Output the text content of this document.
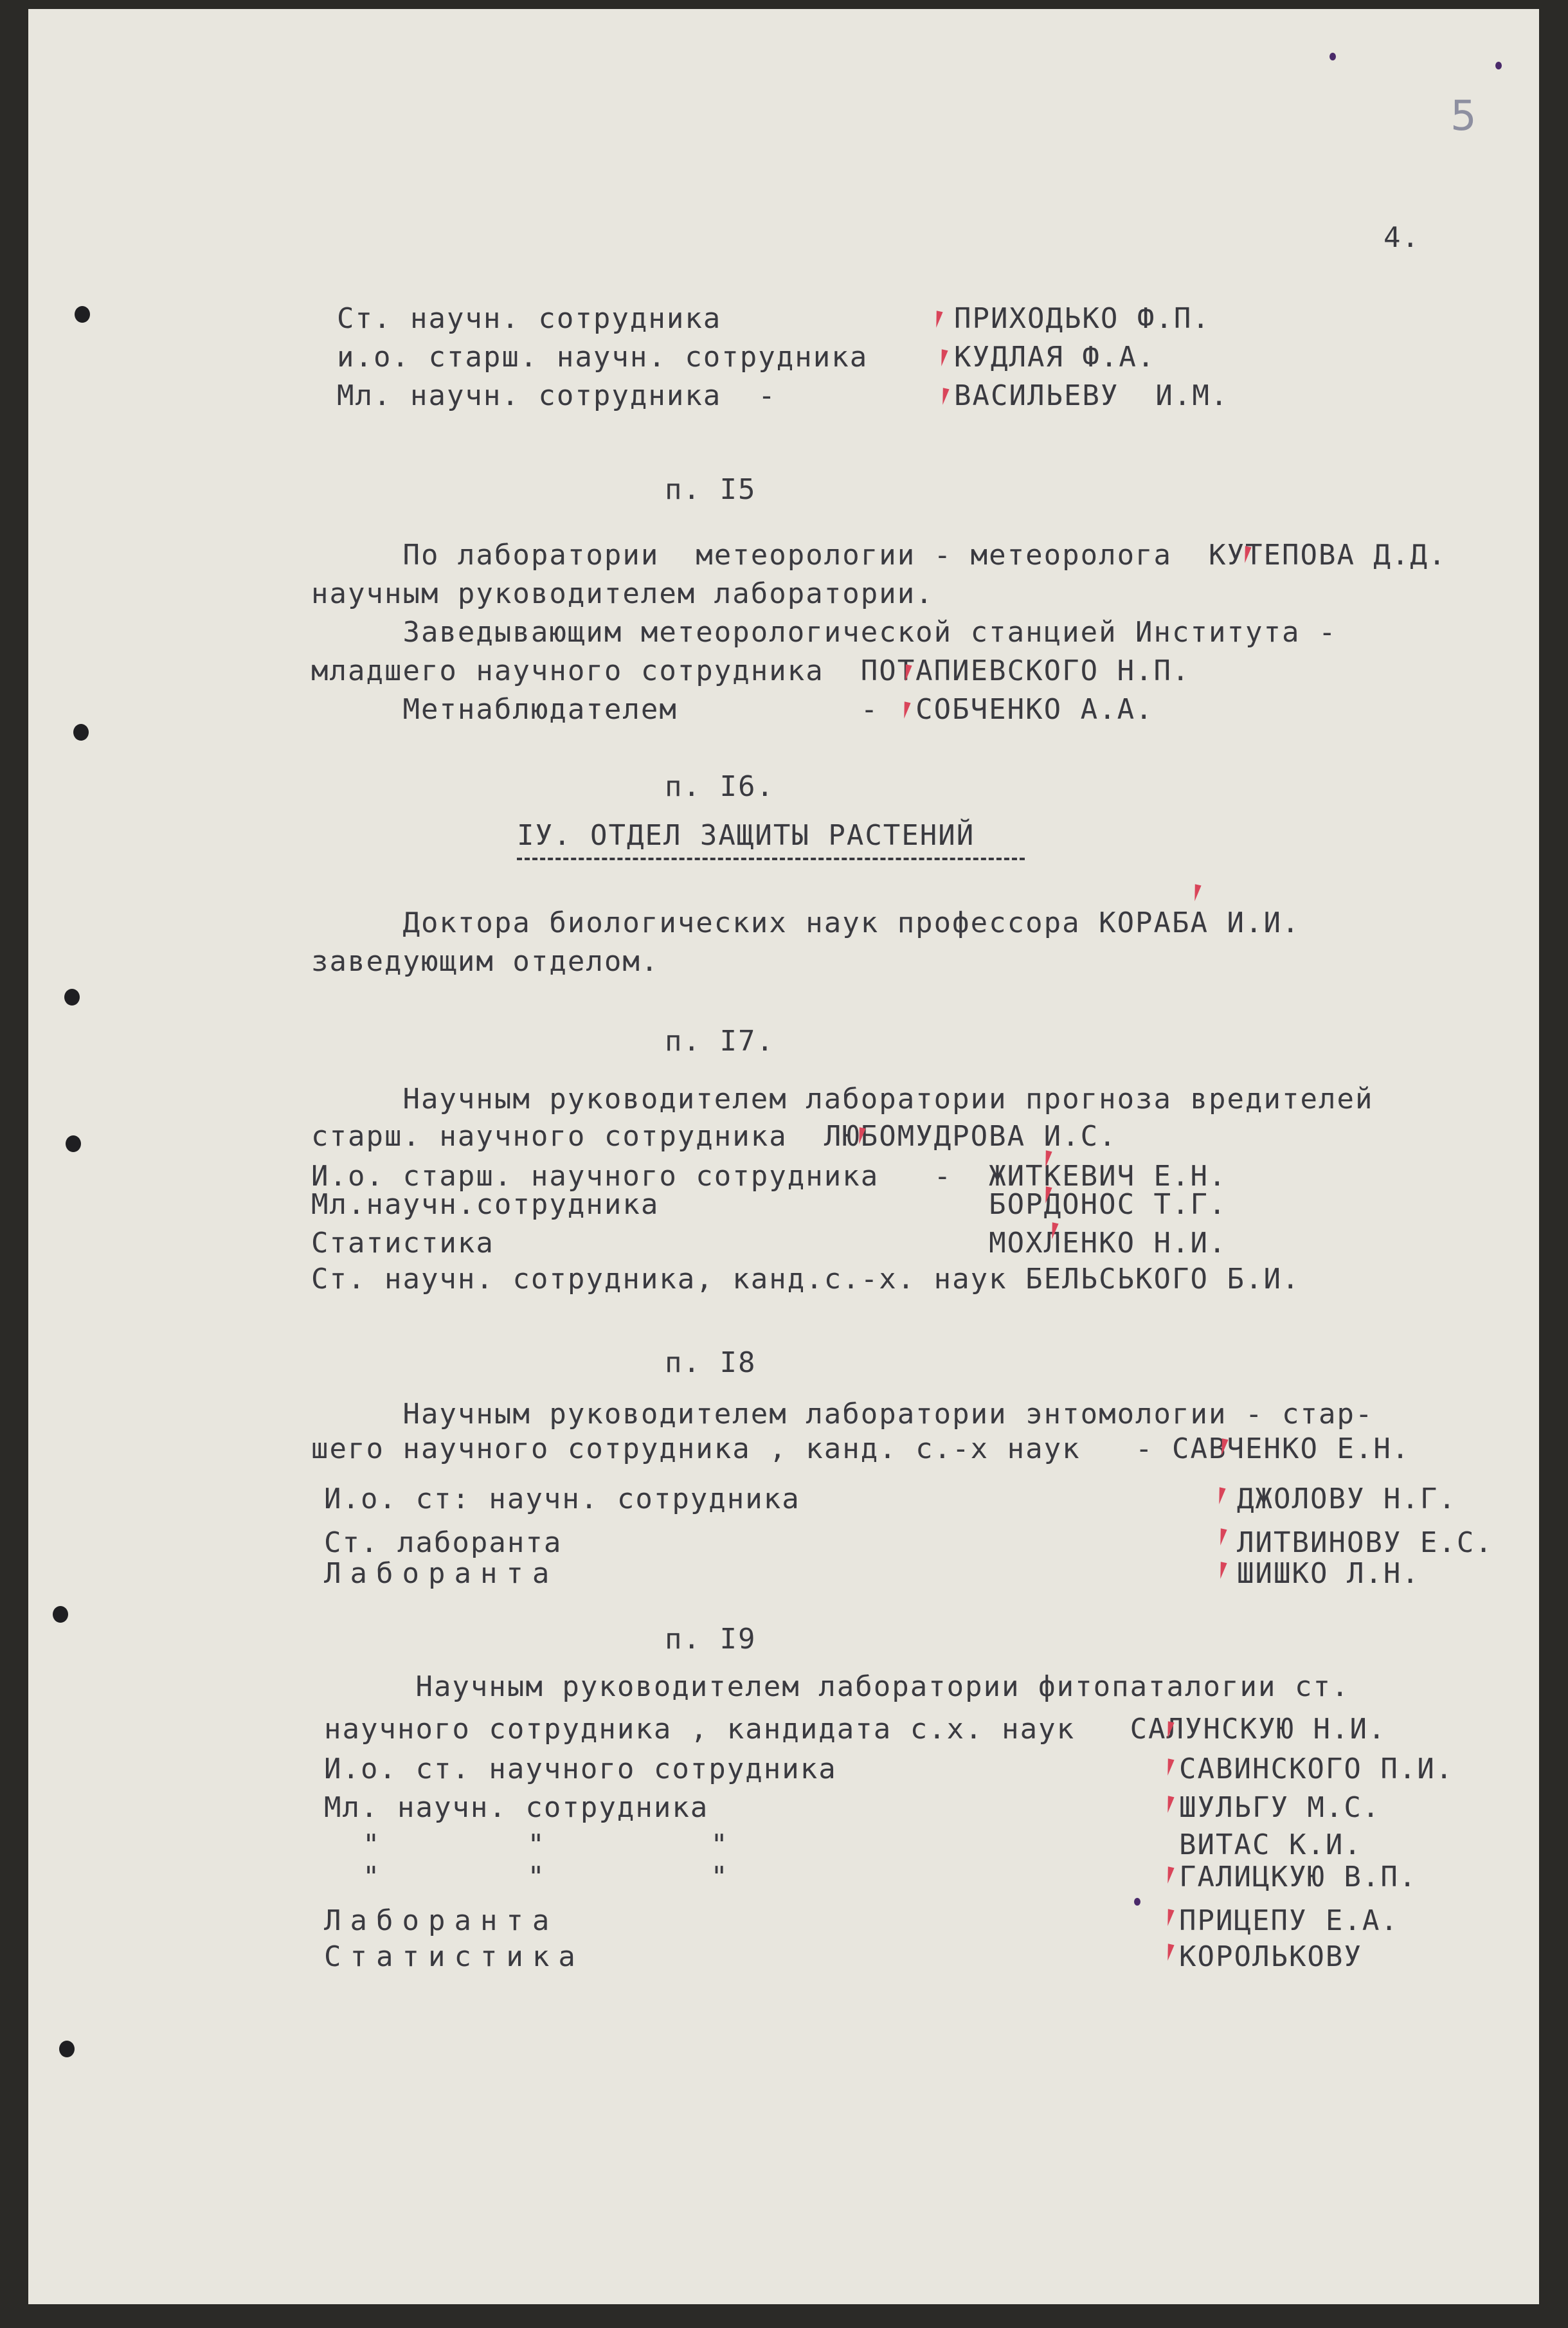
5
4.
Ст. научн. сотрудника	ПРИХОДЬКО Ф.П.
и.о. старш. научн. сотрудника	КУДЛАЯ Ф.А.
Мл. научн. сотрудника  -	ВАСИЛЬЕВУ  И.М.
п. І5
По лаборатории  метеорологии - метеоролога  КУТЕПОВА Д.Д.
научным руководителем лаборатории.
Заведывающим метеорологической станцией Института -
младшего научного сотрудника  ПОТАПИЕВСКОГО Н.П.
Метнаблюдателем          -  СОБЧЕНКО А.А.
п. І6.
ІУ. ОТДЕЛ ЗАЩИТЫ РАСТЕНИЙ
Доктора биологических наук профессора КОРАБА И.И.
заведующим отделом.
п. І7.
Научным руководителем лаборатории прогноза вредителей
старш. научного сотрудника  ЛЮБОМУДРОВА И.С.
И.о. старш. научного сотрудника   -  ЖИТКЕВИЧ Е.Н.
Мл.научн.сотрудника                  БОРДОНОС Т.Г.
Статистика                           МОХЛЕНКО Н.И.
Ст. научн. сотрудника, канд.с.-х. наук БЕЛЬСЬКОГО Б.И.
п. І8
Научным руководителем лаборатории энтомологии - стар-
шего научного сотрудника , канд. с.-х наук   - САВЧЕНКО Е.Н.
И.о. ст: научн. сотрудника	ДЖОЛОВУ Н.Г.
Ст. лаборанта	ЛИТВИНОВУ Е.С.
Лаборанта	ШИШКО Л.Н.
п. І9
Научным руководителем лаборатории фитопаталогии ст.
научного сотрудника , кандидата с.х. наук   САЛУНСКУЮ Н.И.
И.о. ст. научного сотрудника	САВИНСКОГО П.И.
Мл. научн. сотрудника	ШУЛЬГУ М.С.
"        "         "	ВИТАС К.И.
"        "         "	ГАЛИЦКУЮ В.П.
Лаборанта	ПРИЦЕПУ Е.А.
Статистика	КОРОЛЬКОВУ
